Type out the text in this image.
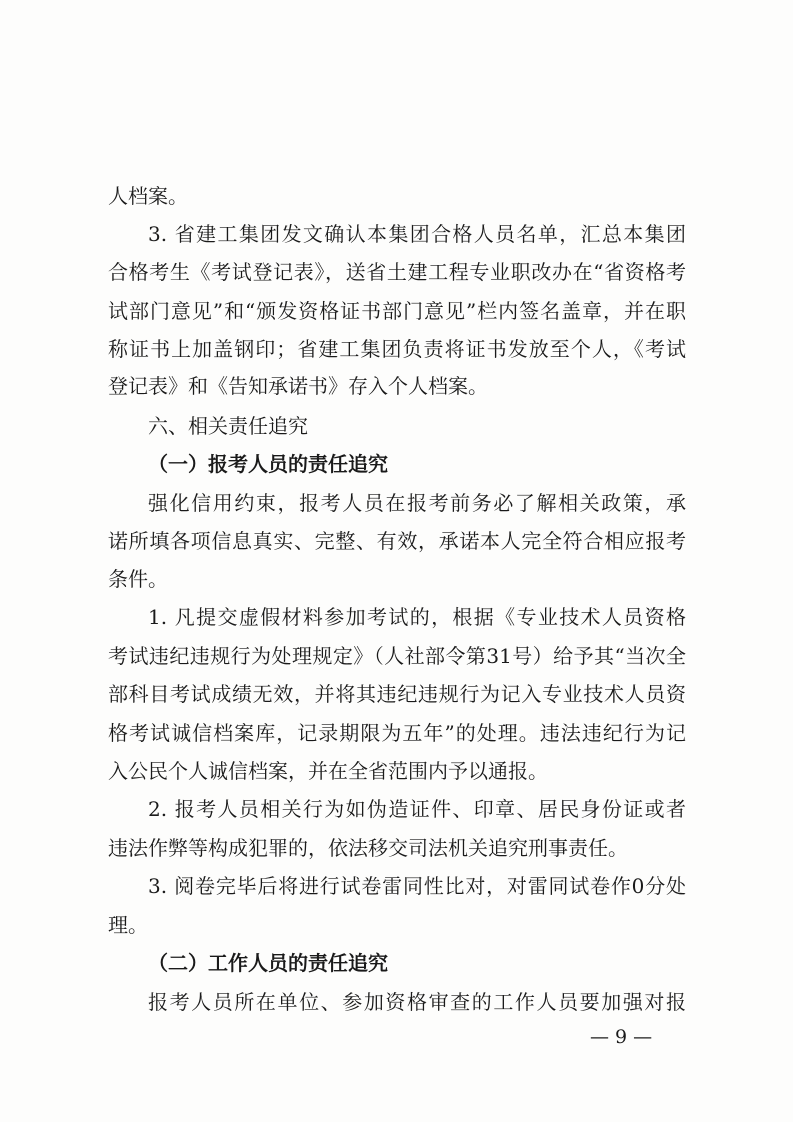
人档案。
3. 省建工集团发文确认本集团合格人员名单，汇总本集团
合格考生《考试登记表》，送省土建工程专业职改办在“省资格考
试部门意见”和“颁发资格证书部门意见”栏内签名盖章，并在职
称证书上加盖钢印；省建工集团负责将证书发放至个人，《考试
登记表》和《告知承诺书》存入个人档案。
六、相关责任追究
（一）报考人员的责任追究
强化信用约束，报考人员在报考前务必了解相关政策，承
诺所填各项信息真实、完整、有效，承诺本人完全符合相应报考
条件。
1. 凡提交虚假材料参加考试的，根据《专业技术人员资格
考试违纪违规行为处理规定》（人社部令第31号）给予其“当次全
部科目考试成绩无效，并将其违纪违规行为记入专业技术人员资
格考试诚信档案库，记录期限为五年”的处理。违法违纪行为记
入公民个人诚信档案，并在全省范围内予以通报。
2. 报考人员相关行为如伪造证件、印章、居民身份证或者
违法作弊等构成犯罪的，依法移交司法机关追究刑事责任。
3. 阅卷完毕后将进行试卷雷同性比对，对雷同试卷作0分处
理。
（二）工作人员的责任追究
报考人员所在单位、参加资格审查的工作人员要加强对报
— 9 —
